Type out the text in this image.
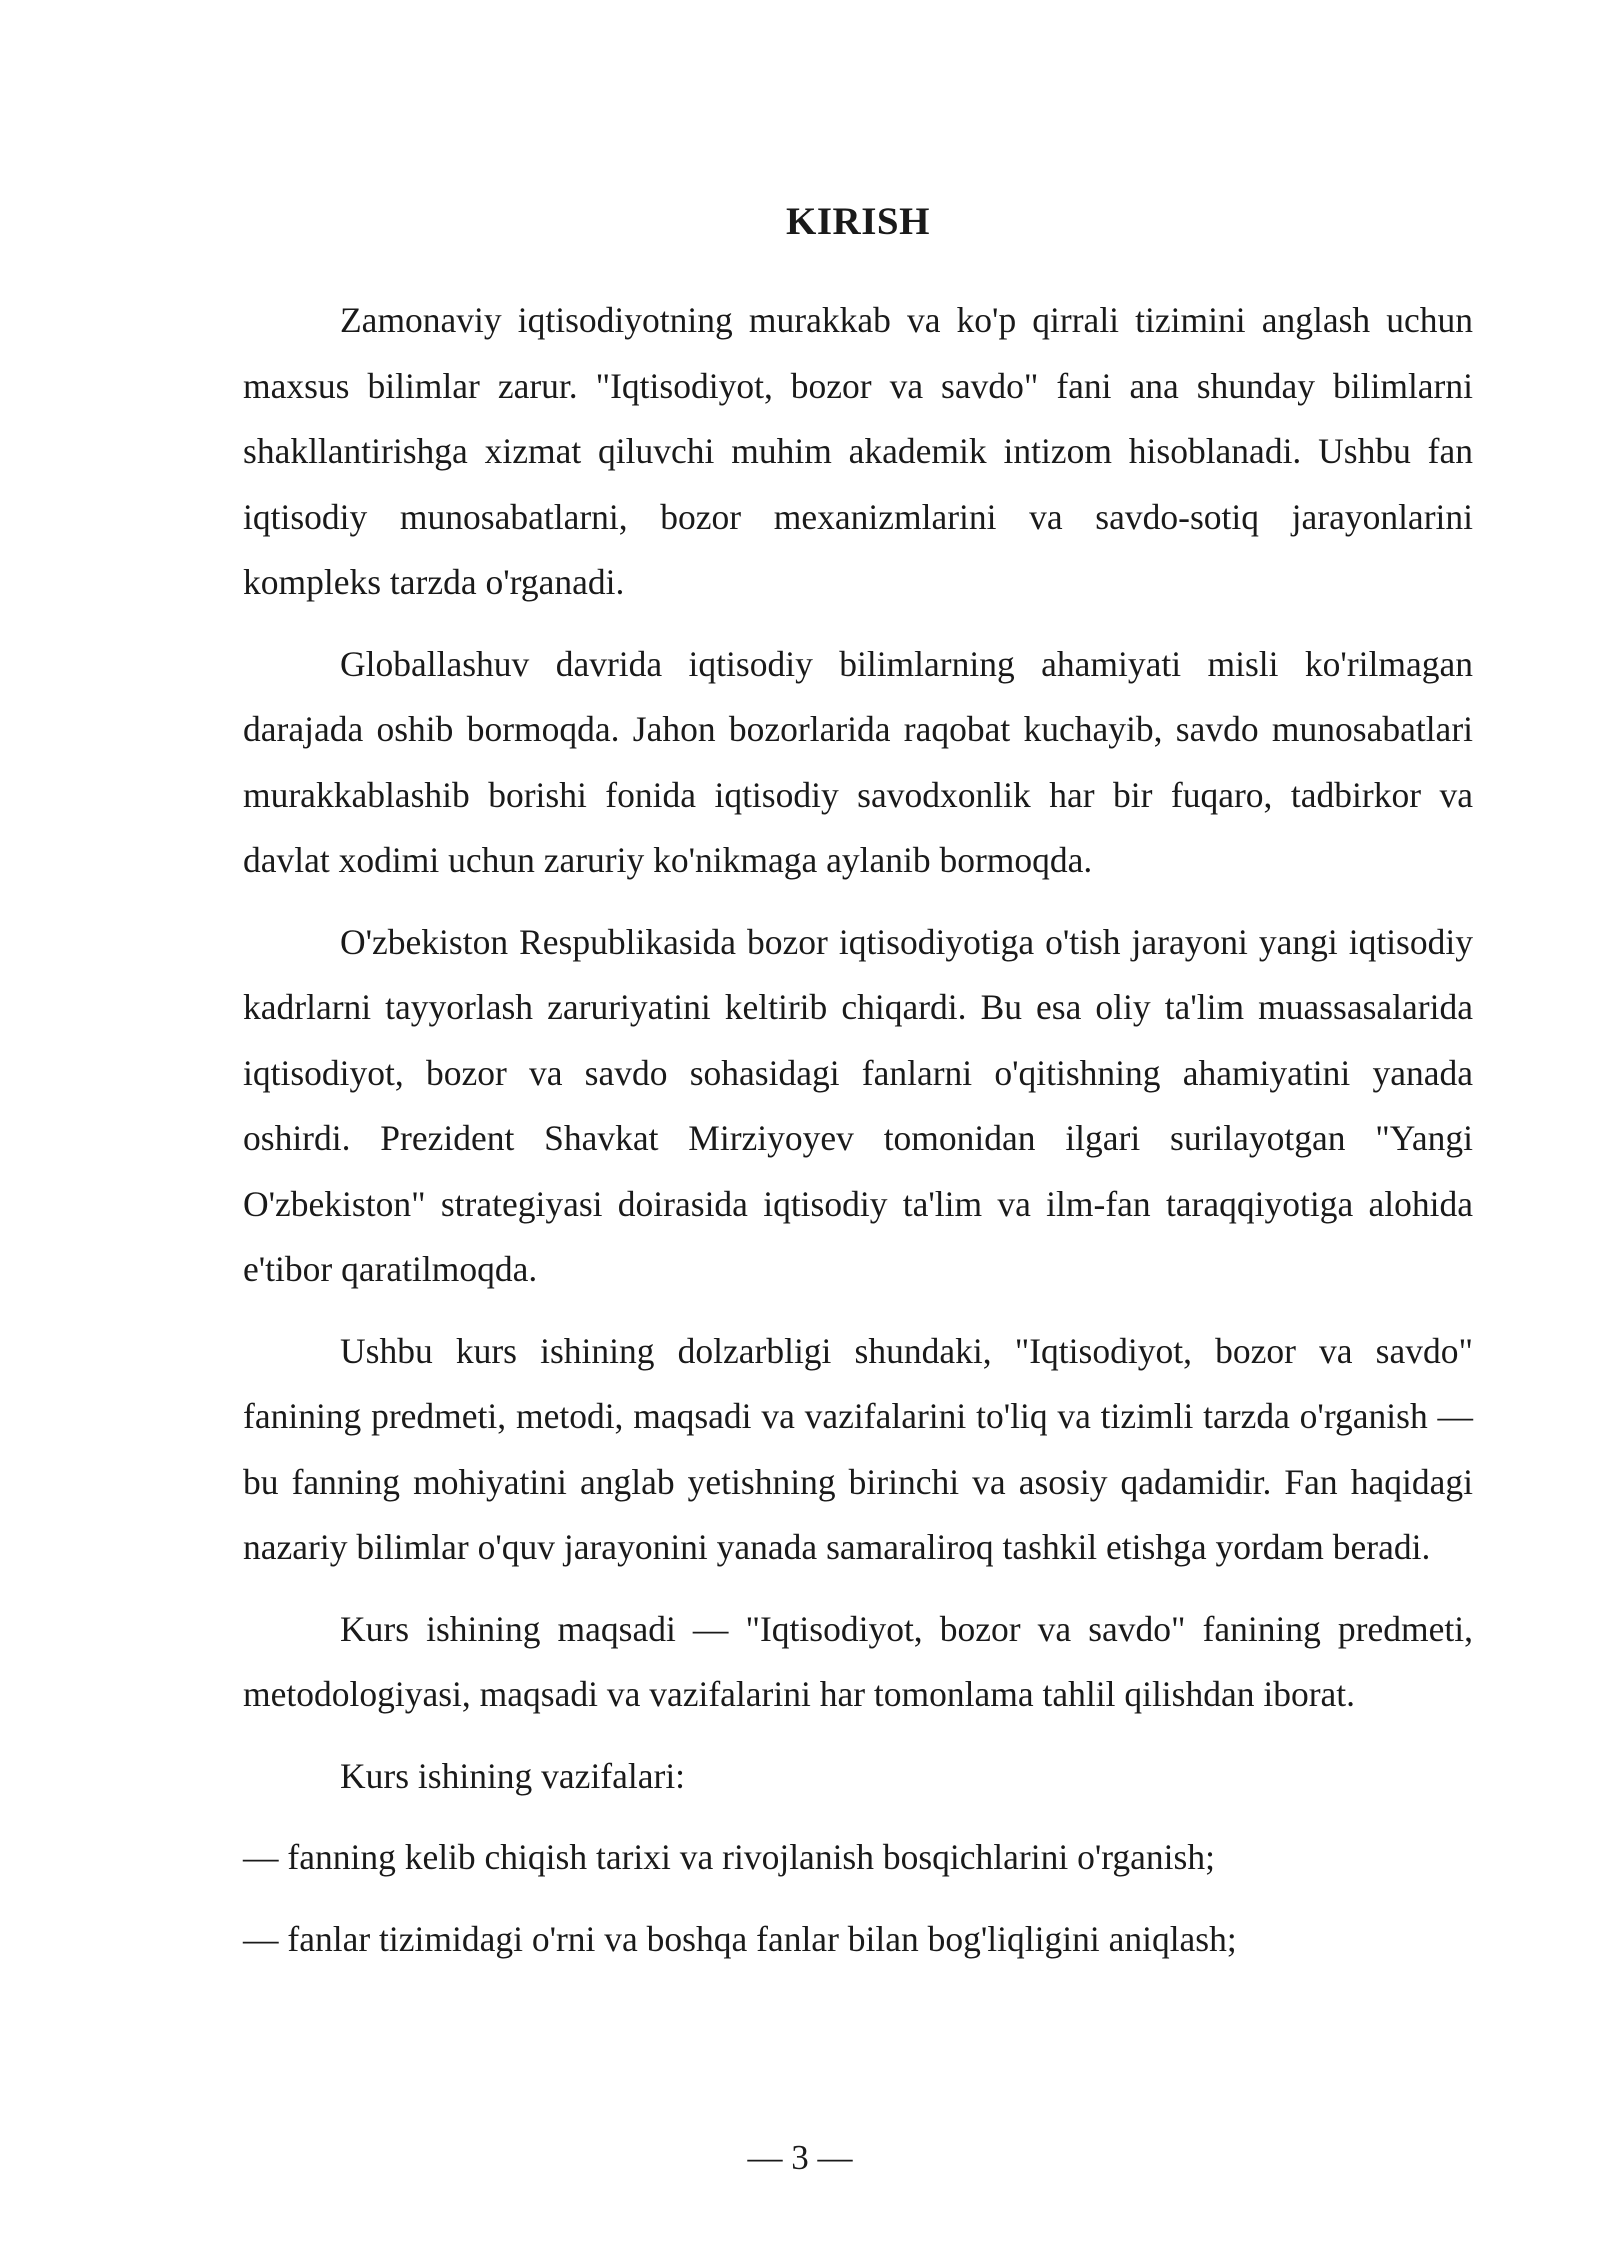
KIRISH

Zamonaviy iqtisodiyotning murakkab va ko'p qirrali tizimini anglash uchun maxsus bilimlar zarur. "Iqtisodiyot, bozor va savdo" fani ana shunday bilimlarni shakllantirishga xizmat qiluvchi muhim akademik intizom hisoblanadi. Ushbu fan iqtisodiy munosabatlarni, bozor mexanizmlarini va savdo-sotiq jarayonlarini kompleks tarzda o'rganadi.

Globallashuv davrida iqtisodiy bilimlarning ahamiyati misli ko'rilmagan darajada oshib bormoqda. Jahon bozorlarida raqobat kuchayib, savdo munosabatlari murakkablashib borishi fonida iqtisodiy savodxonlik har bir fuqaro, tadbirkor va davlat xodimi uchun zaruriy ko'nikmaga aylanib bormoqda.

O'zbekiston Respublikasida bozor iqtisodiyotiga o'tish jarayoni yangi iqtisodiy kadrlarni tayyorlash zaruriyatini keltirib chiqardi. Bu esa oliy ta'lim muassasalarida iqtisodiyot, bozor va savdo sohasidagi fanlarni o'qitishning ahamiyatini yanada oshirdi. Prezident Shavkat Mirziyoyev tomonidan ilgari surilayotgan "Yangi O'zbekiston" strategiyasi doirasida iqtisodiy ta'lim va ilm-fan taraqqiyotiga alohida e'tibor qaratilmoqda.

Ushbu kurs ishining dolzarbligi shundaki, "Iqtisodiyot, bozor va savdo" fanining predmeti, metodi, maqsadi va vazifalarini to'liq va tizimli tarzda o'rganish — bu fanning mohiyatini anglab yetishning birinchi va asosiy qadamidir. Fan haqidagi nazariy bilimlar o'quv jarayonini yanada samaraliroq tashkil etishga yordam beradi.

Kurs ishining maqsadi — "Iqtisodiyot, bozor va savdo" fanining predmeti, metodologiyasi, maqsadi va vazifalarini har tomonlama tahlil qilishdan iborat.

Kurs ishining vazifalari:

— fanning kelib chiqish tarixi va rivojlanish bosqichlarini o'rganish;

— fanlar tizimidagi o'rni va boshqa fanlar bilan bog'liqligini aniqlash;

— 3 —
